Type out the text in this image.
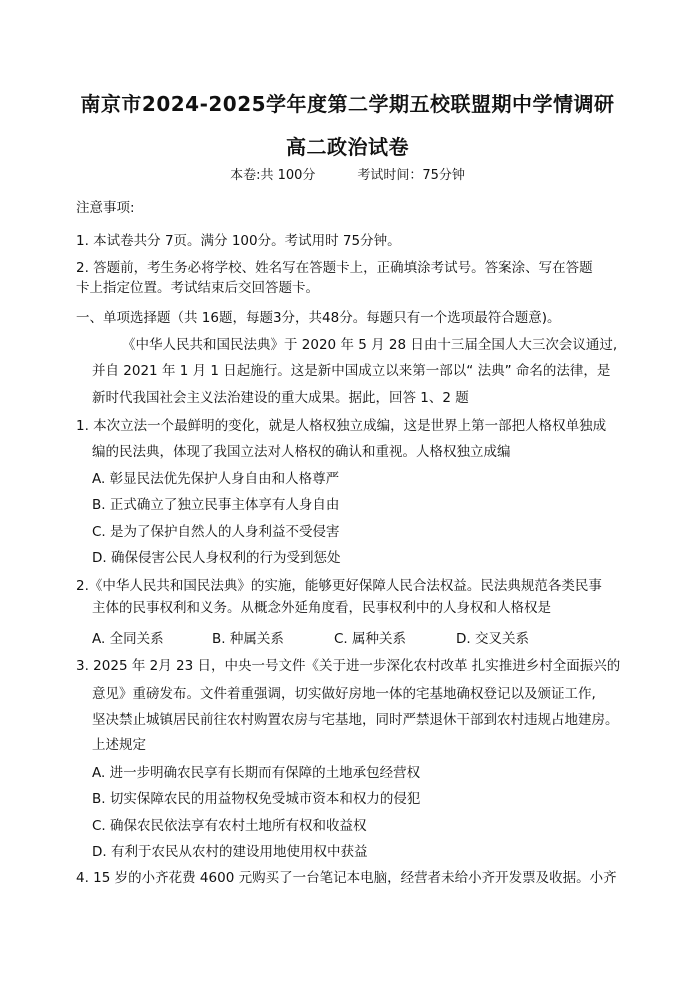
南京市2024-2025学年度第二学期五校联盟期中学情调研
高二政治试卷
本卷:共 100分	考试时间：75分钟
注意事项:
1. 本试卷共分 7页。满分 100分。考试用时 75分钟。
2. 答题前，考生务必将学校、姓名写在答题卡上，正确填涂考试号。答案涂、写在答题
卡上指定位置。考试结束后交回答题卡。
一、单项选择题（共 16题，每题3分，共48分。每题只有一个选项最符合题意)。
《中华人民共和国民法典》于 2020 年 5 月 28 日由十三届全国人大三次会议通过,
并自 2021 年 1 月 1 日起施行。这是新中国成立以来第一部以“ 法典” 命名的法律，是
新时代我国社会主义法治建设的重大成果。据此，回答 1、2 题
1. 本次立法一个最鲜明的变化，就是人格权独立成编，这是世界上第一部把人格权单独成
编的民法典，体现了我国立法对人格权的确认和重视。人格权独立成编
A. 彰显民法优先保护人身自由和人格尊严
B. 正式确立了独立民事主体享有人身自由
C. 是为了保护自然人的人身利益不受侵害
D. 确保侵害公民人身权利的行为受到惩处
2.《中华人民共和国民法典》的实施，能够更好保障人民合法权益。民法典规范各类民事
主体的民事权利和义务。从概念外延角度看，民事权利中的人身权和人格权是
A. 全同关系	B. 种属关系	C. 属种关系	D. 交叉关系
3. 2025 年 2月 23 日，中央一号文件《关于进一步深化农村改革 扎实推进乡村全面振兴的
意见》重磅发布。文件着重强调，切实做好房地一体的宅基地确权登记以及颁证工作,
坚决禁止城镇居民前往农村购置农房与宅基地，同时严禁退休干部到农村违规占地建房。
上述规定
A. 进一步明确农民享有长期而有保障的土地承包经营权
B. 切实保障农民的用益物权免受城市资本和权力的侵犯
C. 确保农民依法享有农村土地所有权和收益权
D. 有利于农民从农村的建设用地使用权中获益
4. 15 岁的小齐花费 4600 元购买了一台笔记本电脑，经营者未给小齐开发票及收据。小齐
